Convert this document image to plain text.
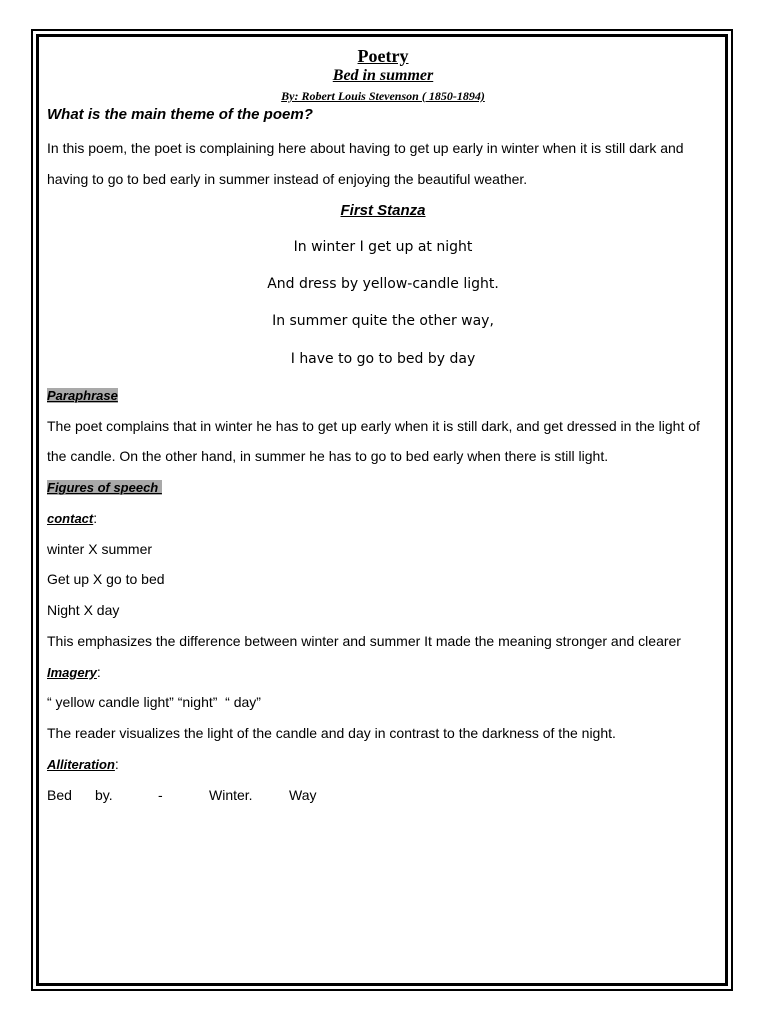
Poetry
Bed in summer
By: Robert Louis Stevenson ( 1850-1894)
What is the main theme of the poem?
In this poem, the poet is complaining here about having to get up early in winter when it is still dark and
having to go to bed early in summer instead of enjoying the beautiful weather.
First Stanza
In winter I get up at night
And dress by yellow-candle light.
In summer quite the other way,
I have to go to bed by day
Paraphrase
The poet complains that in winter he has to get up early when it is still dark, and get dressed in the light of
the candle. On the other hand, in summer he has to go to bed early when there is still light.
Figures of speech
contact:
winter X summer
Get up X go to bed
Night X day
This emphasizes the difference between winter and summer It made the meaning stronger and clearer
Imagery:
“ yellow candle light” “night”  “ day”
The reader visualizes the light of the candle and day in contrast to the darkness of the night.
Alliteration:
Bed by.	-	Winter.	Way
